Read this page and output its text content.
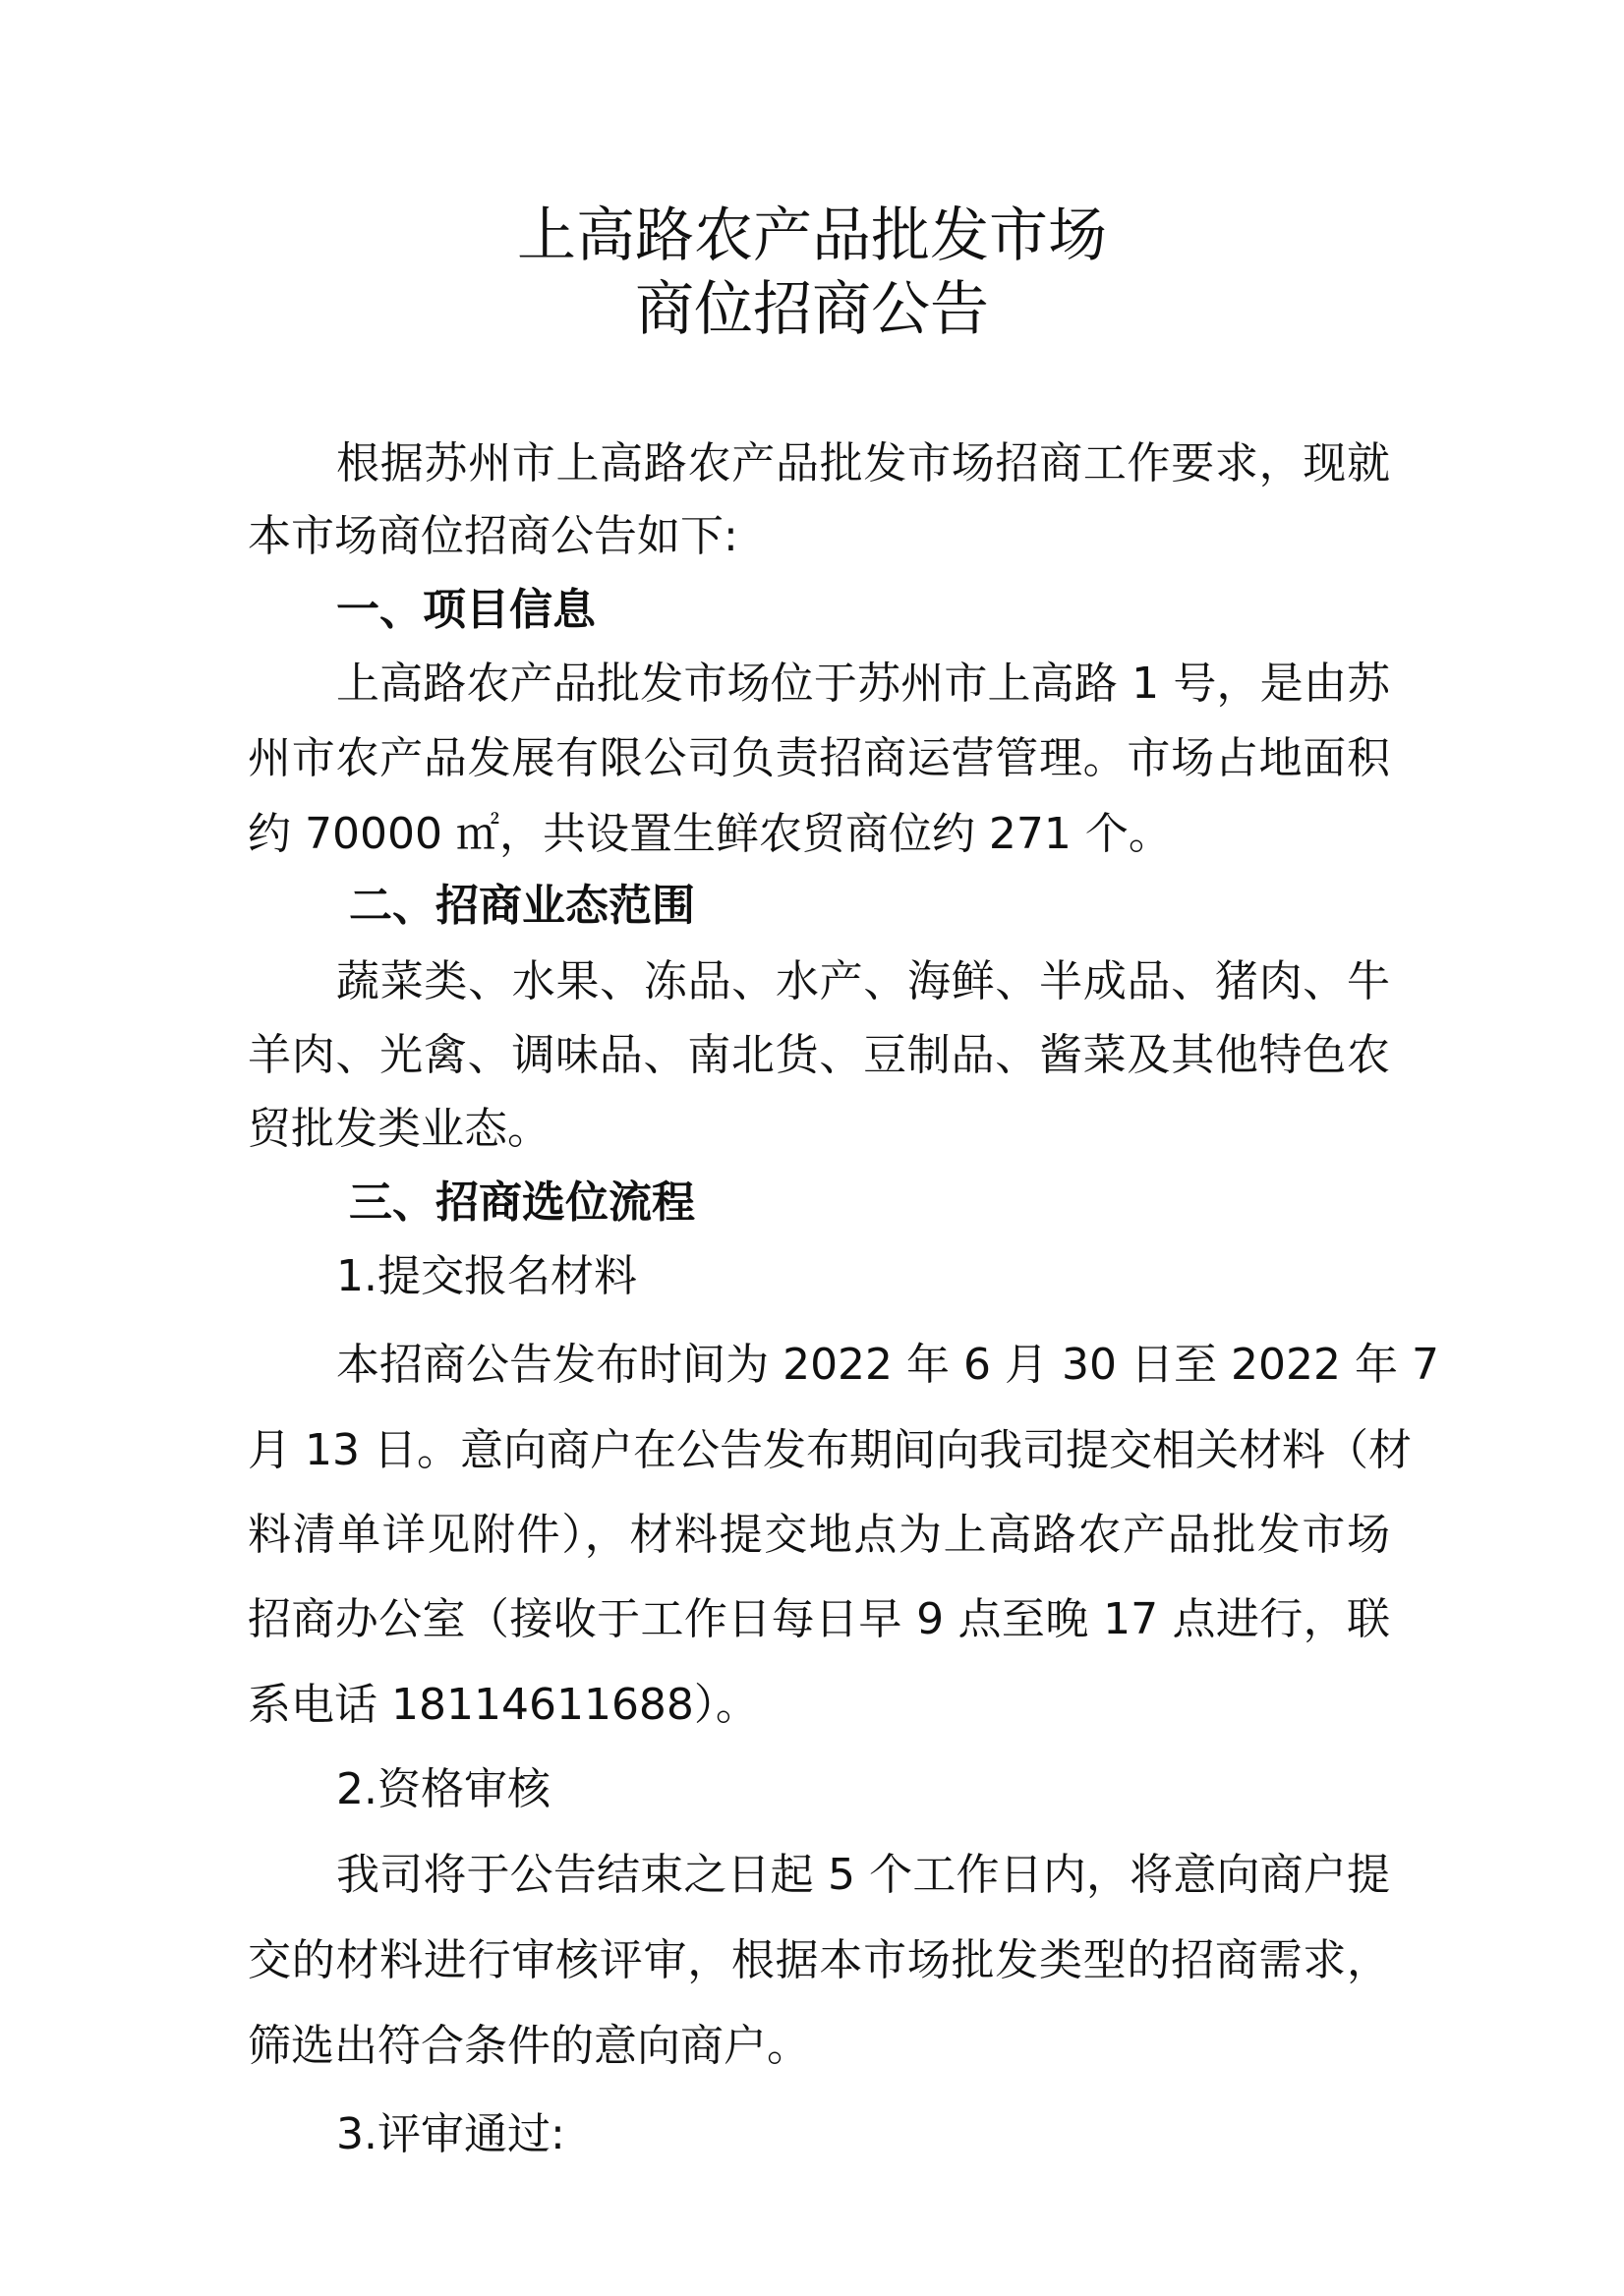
上高路农产品批发市场
商位招商公告
根据苏州市上高路农产品批发市场招商工作要求，现就
本市场商位招商公告如下:
一、项目信息
上高路农产品批发市场位于苏州市上高路 1 号，是由苏
州市农产品发展有限公司负责招商运营管理。市场占地面积
约 70000 ㎡，共设置生鲜农贸商位约 271 个。
二、招商业态范围
蔬菜类、水果、冻品、水产、海鲜、半成品、猪肉、牛
羊肉、光禽、调味品、南北货、豆制品、酱菜及其他特色农
贸批发类业态。
三、招商选位流程
1.提交报名材料
本招商公告发布时间为 2022 年 6 月 30 日至 2022 年 7
月 13 日。意向商户在公告发布期间向我司提交相关材料（材
料清单详见附件），材料提交地点为上高路农产品批发市场
招商办公室（接收于工作日每日早 9 点至晚 17 点进行，联
系电话 18114611688）。
2.资格审核
我司将于公告结束之日起 5 个工作日内，将意向商户提
交的材料进行审核评审，根据本市场批发类型的招商需求，
筛选出符合条件的意向商户。
3.评审通过:
